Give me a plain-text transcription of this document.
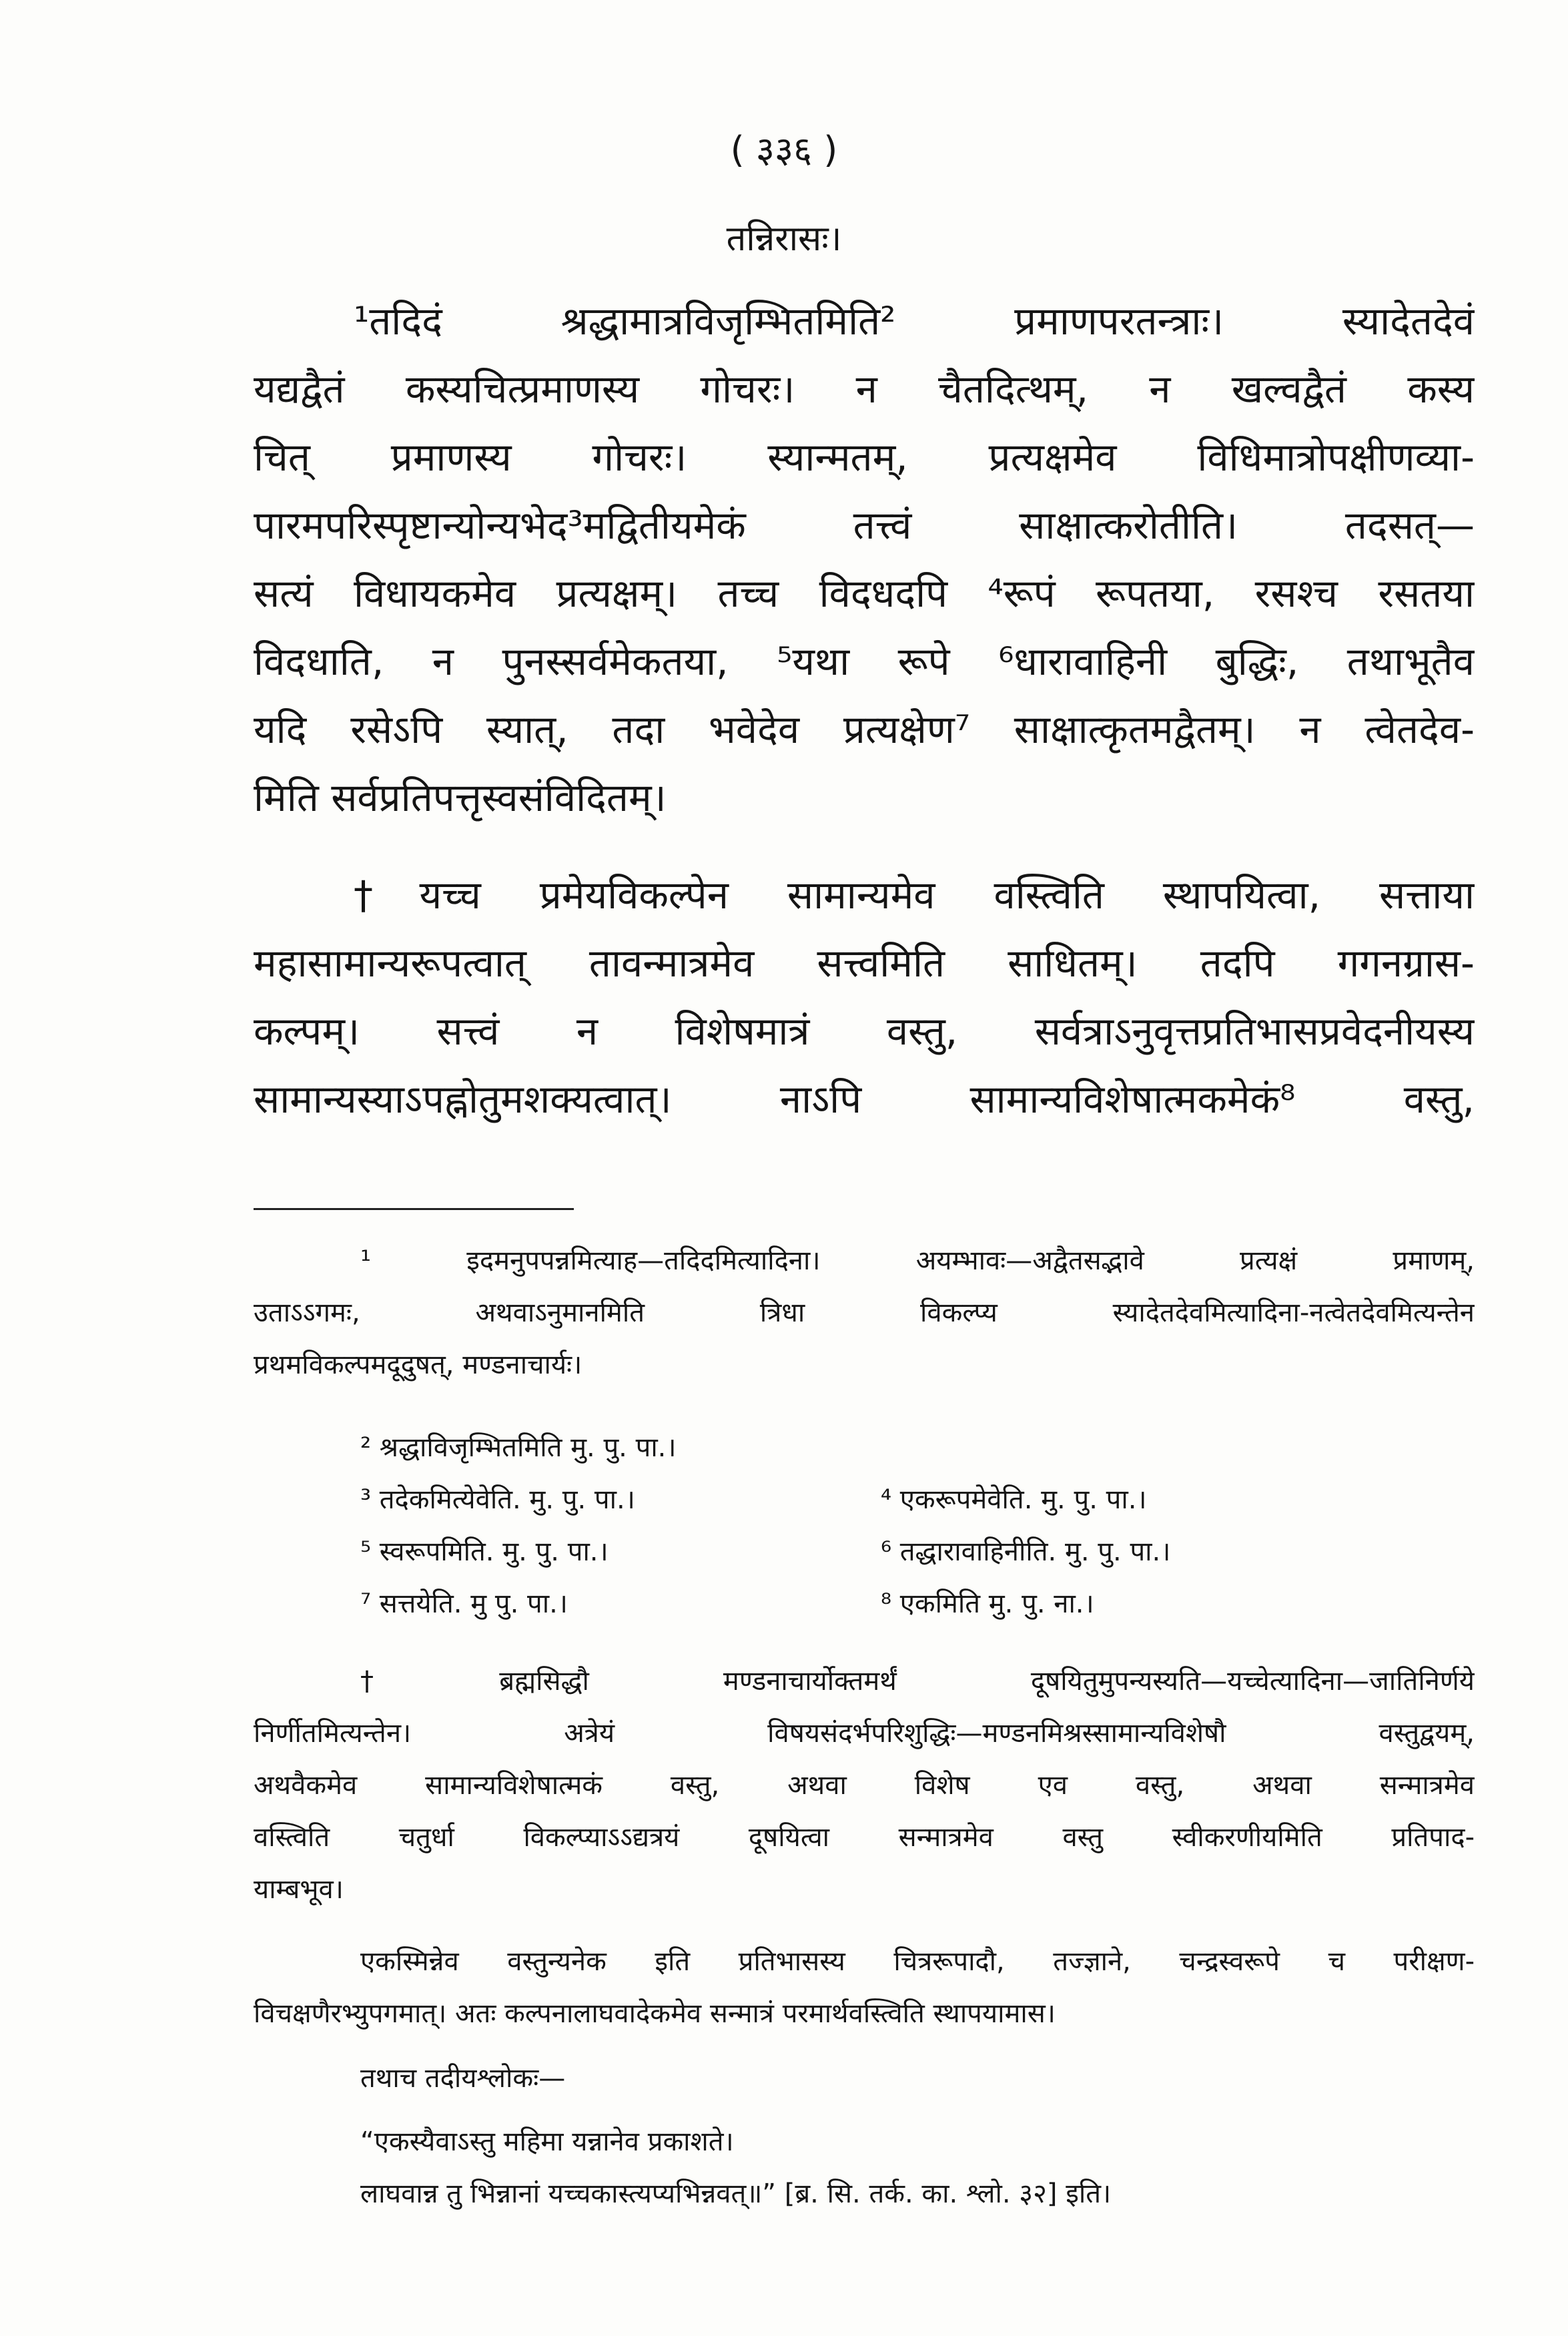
( ३३६ )
तन्निरासः।
¹तदिदं श्रद्धामात्रविजृम्भितमिति² प्रमाणपरतन्त्राः। स्यादेतदेवं
यद्यद्वैतं कस्यचित्प्रमाणस्य गोचरः। न चैतदित्थम्, न खल्वद्वैतं कस्य
चित् प्रमाणस्य गोचरः। स्यान्मतम्, प्रत्यक्षमेव विधिमात्रोपक्षीणव्या-
पारमपरिस्पृष्टान्योन्यभेद³मद्वितीयमेकं तत्त्वं साक्षात्करोतीति। तदसत्—
सत्यं विधायकमेव प्रत्यक्षम्। तच्च विदधदपि ⁴रूपं रूपतया, रसश्च रसतया
विदधाति, न पुनस्सर्वमेकतया, ⁵यथा रूपे ⁶धारावाहिनी बुद्धिः, तथाभूतैव
यदि रसेऽपि स्यात्, तदा भवेदेव प्रत्यक्षेण⁷ साक्षात्कृतमद्वैतम्। न त्वेतदेव-
मिति सर्वप्रतिपत्तृस्वसंविदितम्।
†यच्च प्रमेयविकल्पेन सामान्यमेव वस्त्विति स्थापयित्वा, सत्ताया
महासामान्यरूपत्वात् तावन्मात्रमेव सत्त्वमिति साधितम्। तदपि गगनग्रास-
कल्पम्। सत्त्वं न विशेषमात्रं वस्तु, सर्वत्राऽनुवृत्तप्रतिभासप्रवेदनीयस्य
सामान्यस्याऽपह्नोतुमशक्यत्वात्। नाऽपि सामान्यविशेषात्मकमेकं⁸ वस्तु,
¹ इदमनुपपन्नमित्याह—तदिदमित्यादिना। अयम्भावः—अद्वैतसद्भावे प्रत्यक्षं प्रमाणम्,
उताऽऽगमः, अथवाऽनुमानमिति त्रिधा विकल्प्य स्यादेतदेवमित्यादिना-नत्वेतदेवमित्यन्तेन
प्रथमविकल्पमदूदुषत्, मण्डनाचार्यः।
² श्रद्धाविजृम्भितमिति मु. पु. पा.।
³ तदेकमित्येवेति. मु. पु. पा.।	⁴ एकरूपमेवेति. मु. पु. पा.।
⁵ स्वरूपमिति. मु. पु. पा.।	⁶ तद्धारावाहिनीति. मु. पु. पा.।
⁷ सत्तयेति. मु पु. पा.।	⁸ एकमिति मु. पु. ना.।
†ब्रह्मसिद्धौ मण्डनाचार्योक्तमर्थं दूषयितुमुपन्यस्यति—यच्चेत्यादिना—जातिनिर्णये
निर्णीतमित्यन्तेन। अत्रेयं विषयसंदर्भपरिशुद्धिः—मण्डनमिश्रस्सामान्यविशेषौ वस्तुद्वयम्,
अथवैकमेव सामान्यविशेषात्मकं वस्तु, अथवा विशेष एव वस्तु, अथवा सन्मात्रमेव
वस्त्विति चतुर्धा विकल्प्याऽऽद्यत्रयं दूषयित्वा सन्मात्रमेव वस्तु स्वीकरणीयमिति प्रतिपाद-
याम्बभूव।
एकस्मिन्नेव वस्तुन्यनेक इति प्रतिभासस्य चित्ररूपादौ, तज्ज्ञाने, चन्द्रस्वरूपे च परीक्षण-
विचक्षणैरभ्युपगमात्। अतः कल्पनालाघवादेकमेव सन्मात्रं परमार्थवस्त्विति स्थापयामास।
तथाच तदीयश्लोकः—
“एकस्यैवाऽस्तु महिमा यन्नानेव प्रकाशते।
लाघवान्न तु भिन्नानां यच्चकास्त्यप्यभिन्नवत्॥” [ब्र. सि. तर्क. का. श्लो. ३२] इति।
